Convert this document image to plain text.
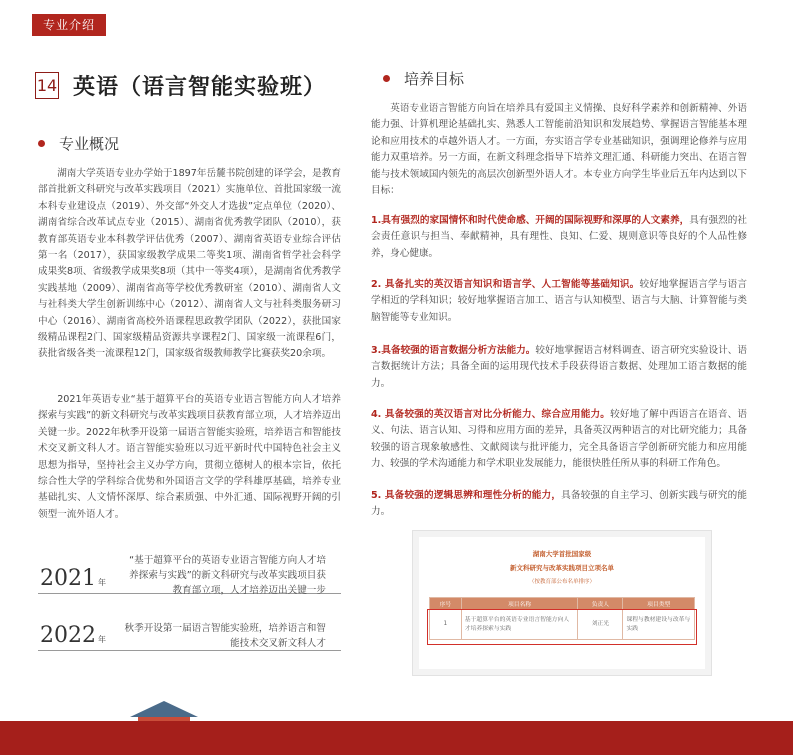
专业介绍
14 英语（语言智能实验班）
专业概况
湖南大学英语专业办学始于1897年岳麓书院创建的译学会，是教育部首批新文科研究与改革实践项目（2021）实施单位、首批国家级一流本科专业建设点（2019）、外交部“外交人才选拔”定点单位（2020）、湖南省综合改革试点专业（2015）、湖南省优秀教学团队（2010），获教育部英语专业本科教学评估优秀（2007）、湖南省英语专业综合评估第一名（2017），获国家级教学成果二等奖1项、湖南省哲学社会科学成果奖8项、省级教学成果奖8项（其中一等奖4项），是湖南省优秀教学实践基地（2009）、湖南省高等学校优秀教研室（2010）、湖南省人文与社科类大学生创新训练中心（2012）、湖南省人文与社科类服务研习中心（2016）、湖南省高校外语课程思政教学团队（2022），获批国家级精品课程2门、国家级精品资源共享课程2门、国家级一流课程6门，获批省级各类一流课程12门，国家级省级教师教学比赛获奖20余项。
2021年英语专业“基于超算平台的英语专业语言智能方向人才培养探索与实践”的新文科研究与改革实践项目获教育部立项，人才培养迈出关键一步。2022年秋季开设第一届语言智能实验班，培养语言和智能技术交叉新文科人才。语言智能实验班以习近平新时代中国特色社会主义思想为指导，坚持社会主义办学方向，贯彻立德树人的根本宗旨，依托综合性大学的学科综合优势和外国语言文学的学科雄厚基础，培养专业基础扎实、人文情怀深厚、综合素质强、中外汇通、国际视野开阔的引领型一流外语人才。
2021 年
“基于超算平台的英语专业语言智能方向人才培养探索与实践”的新文科研究与改革实践项目获教育部立项，人才培养迈出关键一步
2022 年
秋季开设第一届语言智能实验班，培养语言和智能技术交叉新文科人才
培养目标
英语专业语言智能方向旨在培养具有爱国主义情操、良好科学素养和创新精神、外语能力强、计算机理论基础扎实、熟悉人工智能前沿知识和发展趋势、掌握语言智能基本理论和应用技术的卓越外语人才。一方面，夯实语言学专业基础知识，强调理论修养与应用能力双重培养。另一方面，在新文科理念指导下培养文理汇通、科研能力突出、在语言智能与技术领域国内领先的高层次创新型外语人才。本专业方向学生毕业后五年内达到以下目标：
1.具有强烈的家国情怀和时代使命感、开阔的国际视野和深厚的人文素养，具有强烈的社会责任意识与担当、奉献精神，具有理性、良知、仁爱、规则意识等良好的个人品性修养，身心健康。
2. 具备扎实的英汉语言知识和语言学、人工智能等基础知识。较好地掌握语言学与语言学相近的学科知识；较好地掌握语言加工、语言与认知模型、语言与大脑、计算智能与类脑智能等专业知识。
3.具备较强的语言数据分析方法能力。较好地掌握语言材料调查、语言研究实验设计、语言数据统计方法；具备全面的运用现代技术手段获得语言数据、处理加工语言数据的能力。
4. 具备较强的英汉语言对比分析能力、综合应用能力。较好地了解中西语言在语音、语义、句法、语言认知、习得和应用方面的差异，具备英汉两种语言的对比研究能力；具备较强的语言现象敏感性、文献阅读与批评能力，完全具备语言学创新研究能力和应用能力、较强的学术沟通能力和学术职业发展能力，能很快胜任所从事的科研工作角色。
5. 具备较强的逻辑思辨和理性分析的能力，具备较强的自主学习、创新实践与研究的能力。
湖南大学首批国家级
新文科研究与改革实践项目立项名单
（按教育部公布名单排序）
序号	项目名称	负责人	项目类型
1	基于超算平台的英语专业语言智能方向人才培养探索与实践	刘正光	课程与教材建设与改革与实践
